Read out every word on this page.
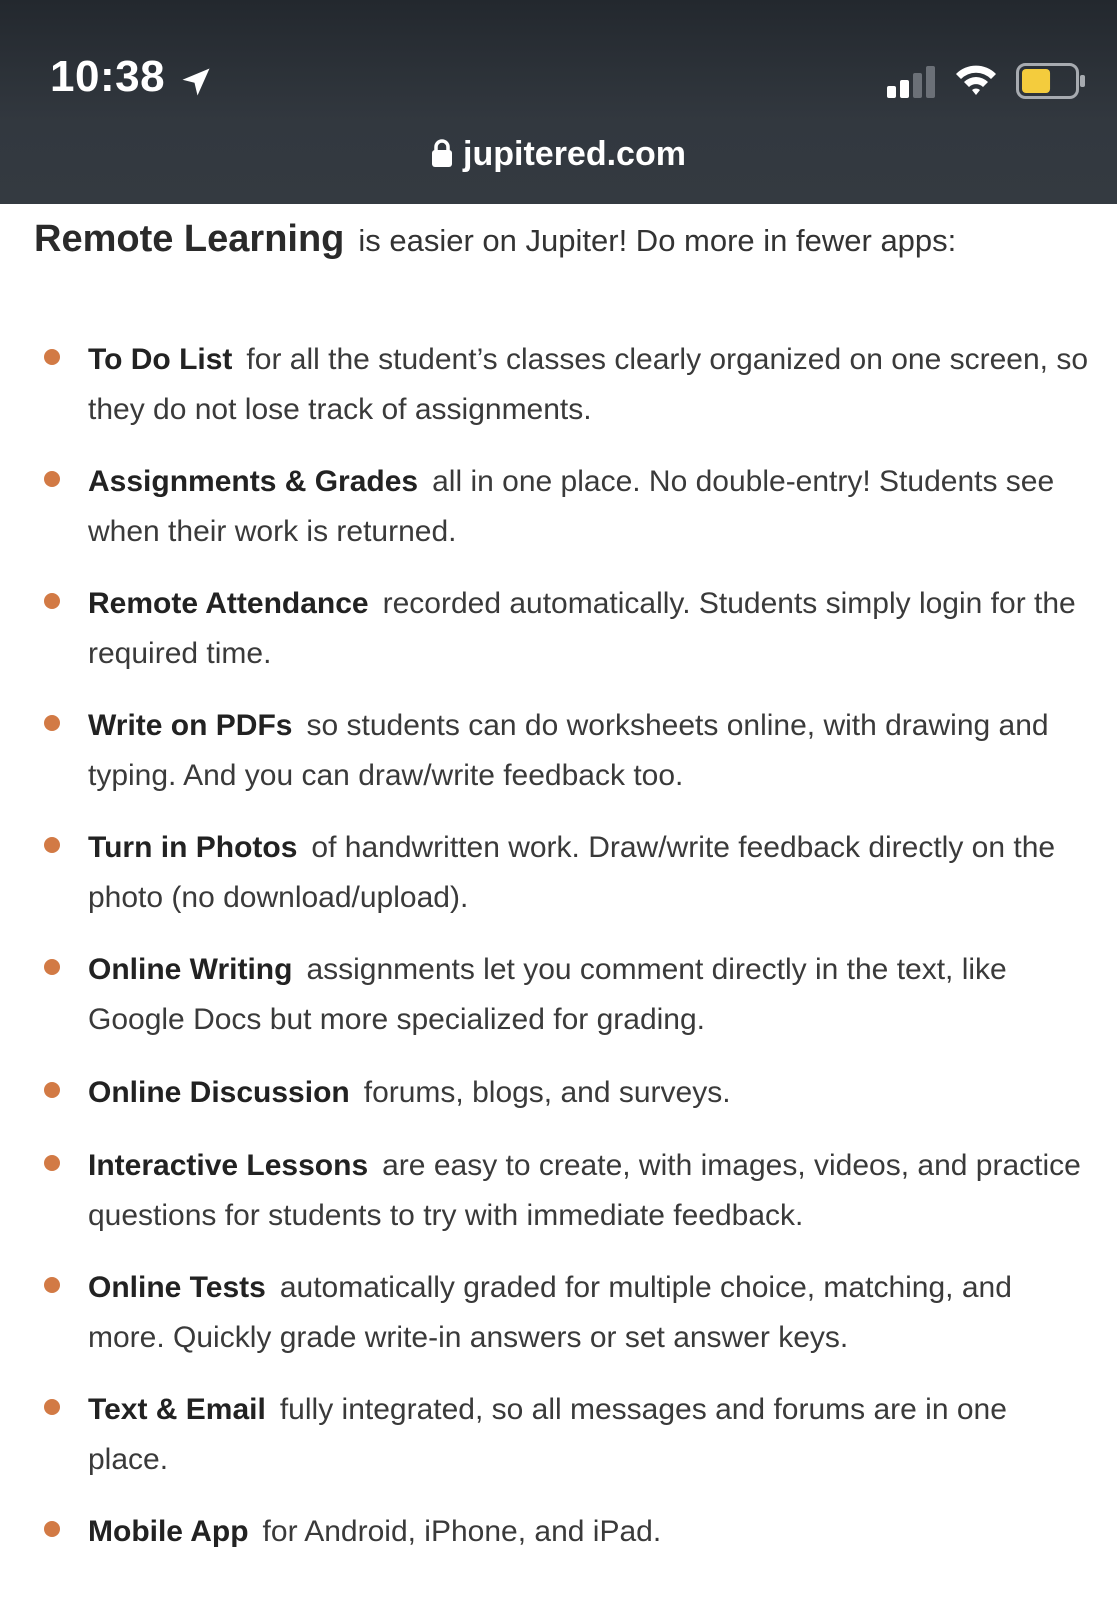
10:38
jupitered.com
Remote Learning is easier on Jupiter! Do more in fewer apps:
To Do List for all the student’s classes clearly organized on one screen, so they do not lose track of assignments.
Assignments & Grades all in one place. No double-entry! Students see when their work is returned.
Remote Attendance recorded automatically. Students simply login for the required time.
Write on PDFs so students can do worksheets online, with drawing and typing. And you can draw/write feedback too.
Turn in Photos of handwritten work. Draw/write feedback directly on the photo (no download/upload).
Online Writing assignments let you comment directly in the text, like Google Docs but more specialized for grading.
Online Discussion forums, blogs, and surveys.
Interactive Lessons are easy to create, with images, videos, and practice questions for students to try with immediate feedback.
Online Tests automatically graded for multiple choice, matching, and more. Quickly grade write-in answers or set answer keys.
Text & Email fully integrated, so all messages and forums are in one place.
Mobile App for Android, iPhone, and iPad.
